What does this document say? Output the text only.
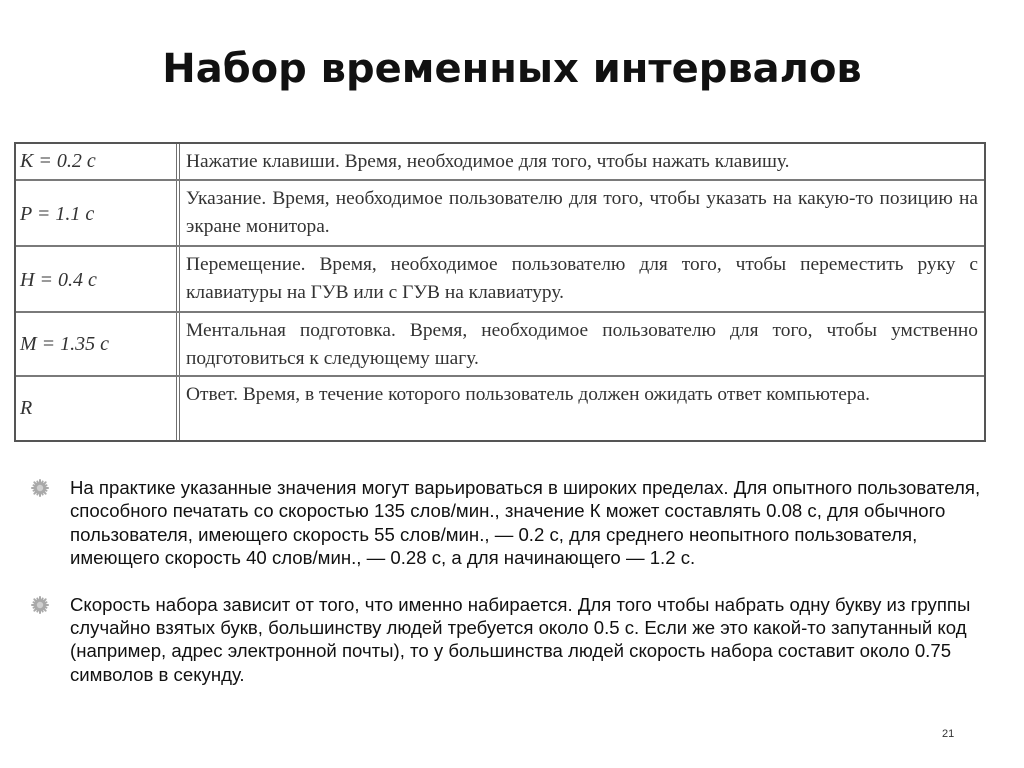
Набор временных интервалов
K = 0.2 c	Нажатие клавиши. Время, необходимое для того, чтобы нажать клавишу.
P = 1.1 c
Указание. Время, необходимое пользователю для того, чтобы указать на какую-то позицию на экране монитора.
H = 0.4 c
Перемещение. Время, необходимое пользователю для того, чтобы переместить руку с клавиатуры на ГУВ или с ГУВ на клавиатуру.
M = 1.35 c
Ментальная подготовка. Время, необходимое пользователю для того, чтобы умственно подготовиться к следующему шагу.
R
Ответ. Время, в течение которого пользователь должен ожидать ответ компьютера.
На практике указанные значения могут варьироваться в широких пределах. Для опытного пользователя, способного печатать со скоростью 135 слов/мин., значение К может составлять 0.08 с, для обычного пользователя, имеющего скорость 55 слов/мин., — 0.2 с, для среднего неопытного пользователя, имеющего скорость 40 слов/мин., — 0.28 с, а для начинающего — 1.2 с.
Скорость набора зависит от того, что именно набирается. Для того чтобы набрать одну букву из группы случайно взятых букв, большинству людей требуется около 0.5 с. Если же это какой-то запутанный код (например, адрес электронной почты), то у большинства людей скорость набора составит около 0.75 символов в секунду.
21
